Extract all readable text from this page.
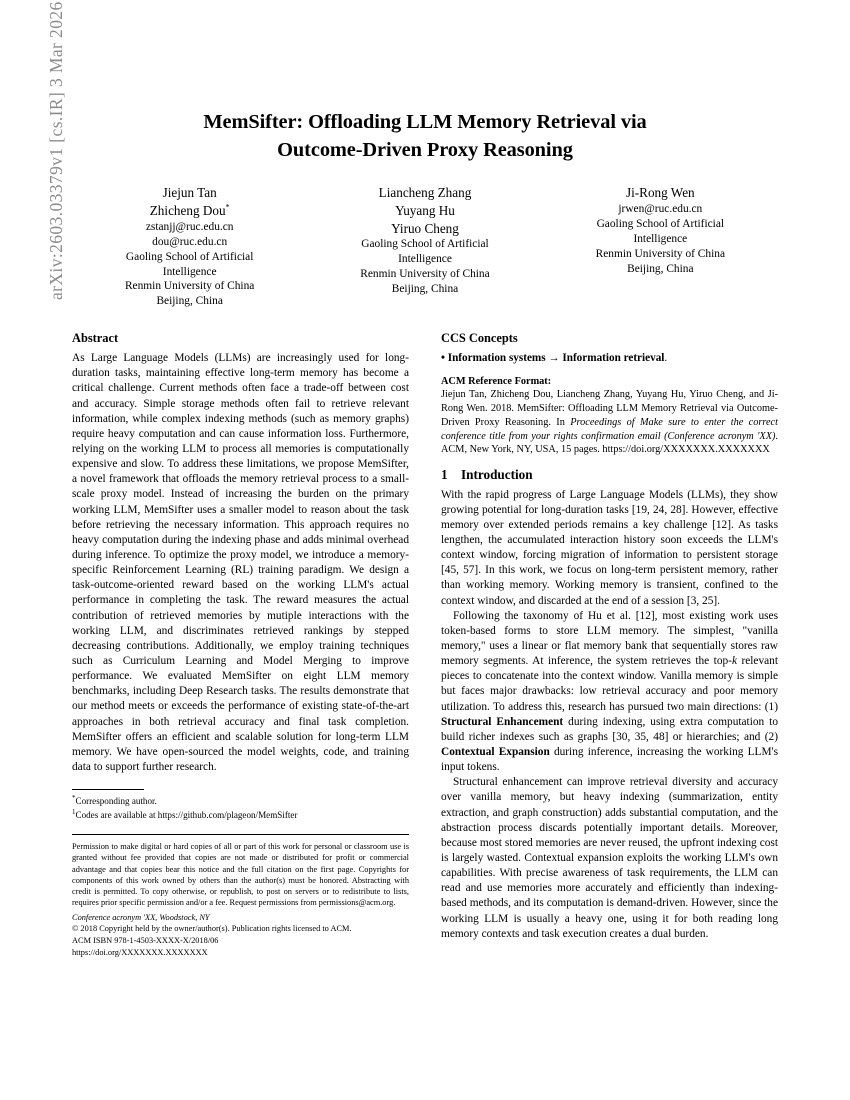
arXiv:2603.03379v1 [cs.IR] 3 Mar 2026	MemSifter: Offloading LLM Memory Retrieval via
Outcome-Driven Proxy Reasoning
Jiejun Tan
Zhicheng Dou*
zstanjj@ruc.edu.cn
dou@ruc.edu.cn
Gaoling School of Artificial
Intelligence
Renmin University of China
Beijing, China
Liancheng Zhang
Yuyang Hu
Yiruo Cheng
Gaoling School of Artificial
Intelligence
Renmin University of China
Beijing, China
Ji-Rong Wen
jrwen@ruc.edu.cn
Gaoling School of Artificial
Intelligence
Renmin University of China
Beijing, China
Abstract

As Large Language Models (LLMs) are increasingly used for long-duration tasks, maintaining effective long-term memory has become a critical challenge. Current methods often face a trade-off between cost and accuracy. Simple storage methods often fail to retrieve relevant information, while complex indexing methods (such as memory graphs) require heavy computation and can cause information loss. Furthermore, relying on the working LLM to process all memories is computationally expensive and slow. To address these limitations, we propose MemSifter, a novel framework that offloads the memory retrieval process to a small-scale proxy model. Instead of increasing the burden on the primary working LLM, MemSifter uses a smaller model to reason about the task before retrieving the necessary information. This approach requires no heavy computation during the indexing phase and adds minimal overhead during inference. To optimize the proxy model, we introduce a memory-specific Reinforcement Learning (RL) training paradigm. We design a task-outcome-oriented reward based on the working LLM's actual performance in completing the task. The reward measures the actual contribution of retrieved memories by mutiple interactions with the working LLM, and discriminates retrieved rankings by stepped decreasing contributions. Additionally, we employ training techniques such as Curriculum Learning and Model Merging to improve performance. We evaluated MemSifter on eight LLM memory benchmarks, including Deep Research tasks. The results demonstrate that our method meets or exceeds the performance of existing state-of-the-art approaches in both retrieval accuracy and final task completion. MemSifter offers an efficient and scalable solution for long-term LLM memory. We have open-sourced the model weights, code, and training data to support further research.

*Corresponding author.

$^1$Codes are available at https://github.com/plageon/MemSifter

Permission to make digital or hard copies of all or part of this work for personal or classroom use is granted without fee provided that copies are not made or distributed for profit or commercial advantage and that copies bear this notice and the full citation on the first page. Copyrights for components of this work owned by others than the author(s) must be honored. Abstracting with credit is permitted. To copy otherwise, or republish, to post on servers or to redistribute to lists, requires prior specific permission and/or a fee. Request permissions from permissions@acm.org.

Conference acronym 'XX, Woodstock, NY

© 2018 Copyright held by the owner/author(s). Publication rights licensed to ACM.

ACM ISBN 978-1-4503-XXXX-X/2018/06

https://doi.org/XXXXXXX.XXXXXXX

CCS Concepts

• Information systems → Information retrieval.

ACM Reference Format:

Jiejun Tan, Zhicheng Dou, Liancheng Zhang, Yuyang Hu, Yiruo Cheng, and Ji-Rong Wen. 2018. MemSifter: Offloading LLM Memory Retrieval via Outcome-Driven Proxy Reasoning. In Proceedings of Make sure to enter the correct conference title from your rights confirmation email (Conference acronym 'XX). ACM, New York, NY, USA, 15 pages. https://doi.org/XXXXXXX.XXXXXXX

1 Introduction

With the rapid progress of Large Language Models (LLMs), they show growing potential for long-duration tasks [19, 24, 28]. However, effective memory over extended periods remains a key challenge [12]. As tasks lengthen, the accumulated interaction history soon exceeds the LLM's context window, forcing migration of information to persistent storage [45, 57]. In this work, we focus on long-term persistent memory, rather than working memory. Working memory is transient, confined to the context window, and discarded at the end of a session [3, 25].

Following the taxonomy of Hu et al. [12], most existing work uses token-based forms to store LLM memory. The simplest, "vanilla memory," uses a linear or flat memory bank that sequentially stores raw memory segments. At inference, the system retrieves the top-k relevant pieces to concatenate into the context window. Vanilla memory is simple but faces major drawbacks: low retrieval accuracy and poor memory utilization. To address this, research has pursued two main directions: (1) Structural Enhancement during indexing, using extra computation to build richer indexes such as graphs [30, 35, 48] or hierarchies; and (2) Contextual Expansion during inference, increasing the working LLM's input tokens.

Structural enhancement can improve retrieval diversity and accuracy over vanilla memory, but heavy indexing (summarization, entity extraction, and graph construction) adds substantial computation, and the abstraction process discards potentially important details. Moreover, because most stored memories are never reused, the upfront indexing cost is largely wasted. Contextual expansion exploits the working LLM's own capabilities. With precise awareness of task requirements, the LLM can read and use memories more accurately and efficiently than indexing-based methods, and its computation is demand-driven. However, since the working LLM is usually a heavy one, using it for both reading long memory contexts and task execution creates a dual burden.
